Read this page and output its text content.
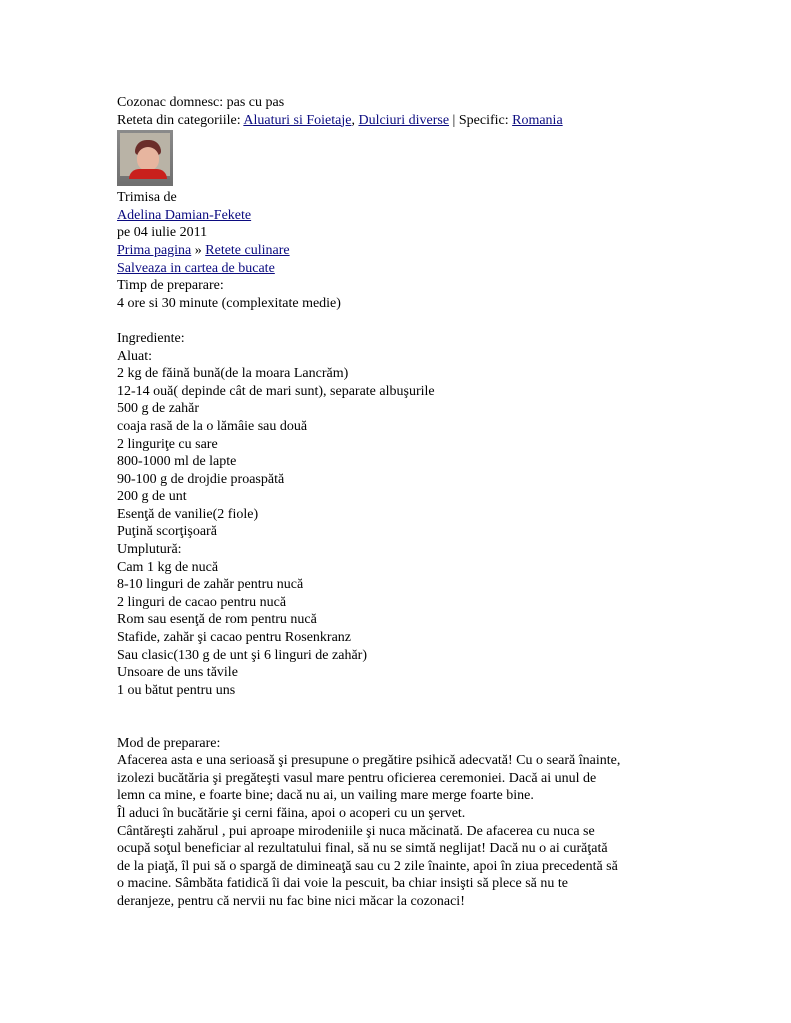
Cozonac domnesc: pas cu pas
Reteta din categoriile: Aluaturi si Foietaje, Dulciuri diverse | Specific: Romania
Trimisa de
Adelina Damian-Fekete
pe 04 iulie 2011
Prima pagina » Retete culinare
Salveaza in cartea de bucate
Timp de preparare:
4 ore si 30 minute (complexitate medie)
Ingrediente:
Aluat:
2 kg de făină bună(de la moara Lancrăm)
12-14 ouă( depinde cât de mari sunt), separate albuşurile
500 g de zahăr
coaja rasă de la o lămâie sau două
2 linguriţe cu sare
800-1000 ml de lapte
90-100 g de drojdie proaspătă
200 g de unt
Esenţă de vanilie(2 fiole)
Puţină scorţişoară
Umplutură:
Cam 1 kg de nucă
8-10 linguri de zahăr pentru nucă
2 linguri de cacao pentru nucă
Rom sau esenţă de rom pentru nucă
Stafide, zahăr şi cacao pentru Rosenkranz
Sau clasic(130 g de unt şi 6 linguri de zahăr)
Unsoare de uns tăvile
1 ou bătut pentru uns
Mod de preparare:
Afacerea asta e una serioasă şi presupune o pregătire psihică adecvată! Cu o seară înainte,
izolezi bucătăria şi pregăteşti vasul mare pentru oficierea ceremoniei. Dacă ai unul de
lemn ca mine, e foarte bine; dacă nu ai, un vailing mare merge foarte bine.
Îl aduci în bucătărie şi cerni făina, apoi o acoperi cu un şervet.
Cântăreşti zahărul , pui aproape mirodeniile şi nuca măcinată. De afacerea cu nuca se
ocupă soţul beneficiar al rezultatului final, să nu se simtă neglijat! Dacă nu o ai curăţată
de la piaţă, îl pui să o spargă de dimineaţă sau cu 2 zile înainte, apoi în ziua precedentă să
o macine. Sâmbăta fatidică îi dai voie la pescuit, ba chiar insişti să plece să nu te
deranjeze, pentru că nervii nu fac bine nici măcar la cozonaci!
